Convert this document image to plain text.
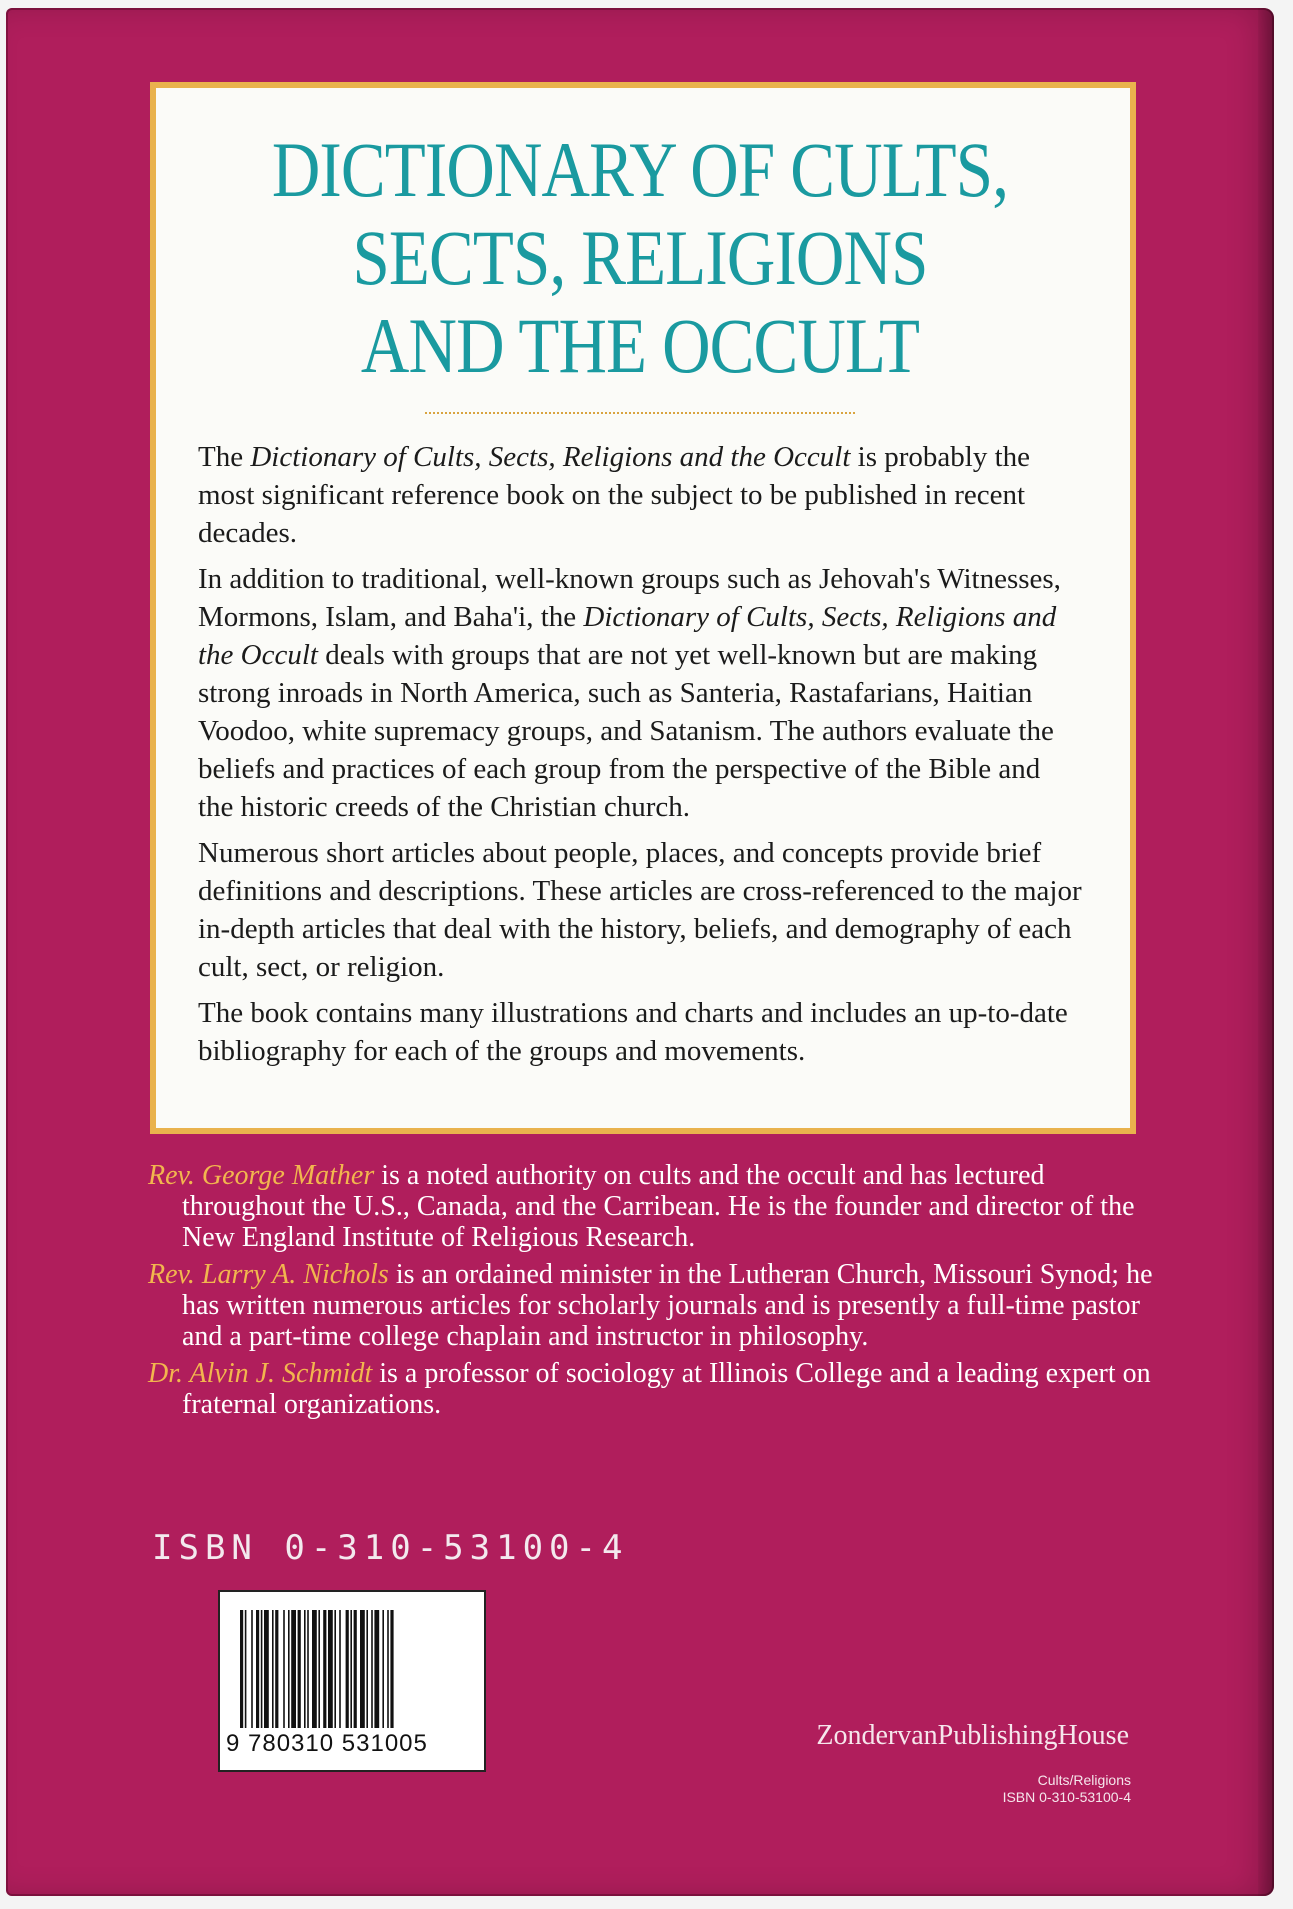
DICTIONARY OF CULTS,
SECTS, RELIGIONS
AND THE OCCULT

The Dictionary of Cults, Sects, Religions and the Occult is probably the most significant reference book on the subject to be published in recent decades.

In addition to traditional, well-known groups such as Jehovah's Witnesses, Mormons, Islam, and Baha'i, the Dictionary of Cults, Sects, Religions and the Occult deals with groups that are not yet well-known but are making strong inroads in North America, such as Santeria, Rastafarians, Haitian Voodoo, white supremacy groups, and Satanism. The authors evaluate the beliefs and practices of each group from the perspective of the Bible and the historic creeds of the Christian church.

Numerous short articles about people, places, and concepts provide brief definitions and descriptions. These articles are cross-referenced to the major in-depth articles that deal with the history, beliefs, and demography of each cult, sect, or religion.

The book contains many illustrations and charts and includes an up-to-date bibliography for each of the groups and movements.

Rev. George Mather is a noted authority on cults and the occult and has lectured throughout the U.S., Canada, and the Carribean. He is the founder and director of the New England Institute of Religious Research.

Rev. Larry A. Nichols is an ordained minister in the Lutheran Church, Missouri Synod; he has written numerous articles for scholarly journals and is presently a full-time pastor and a part-time college chaplain and instructor in philosophy.

Dr. Alvin J. Schmidt is a professor of sociology at Illinois College and a leading expert on fraternal organizations.

ISBN 0-310-53100-4
9 780310 531005	ZondervanPublishingHouse
Cults/Religions
ISBN 0-310-53100-4
